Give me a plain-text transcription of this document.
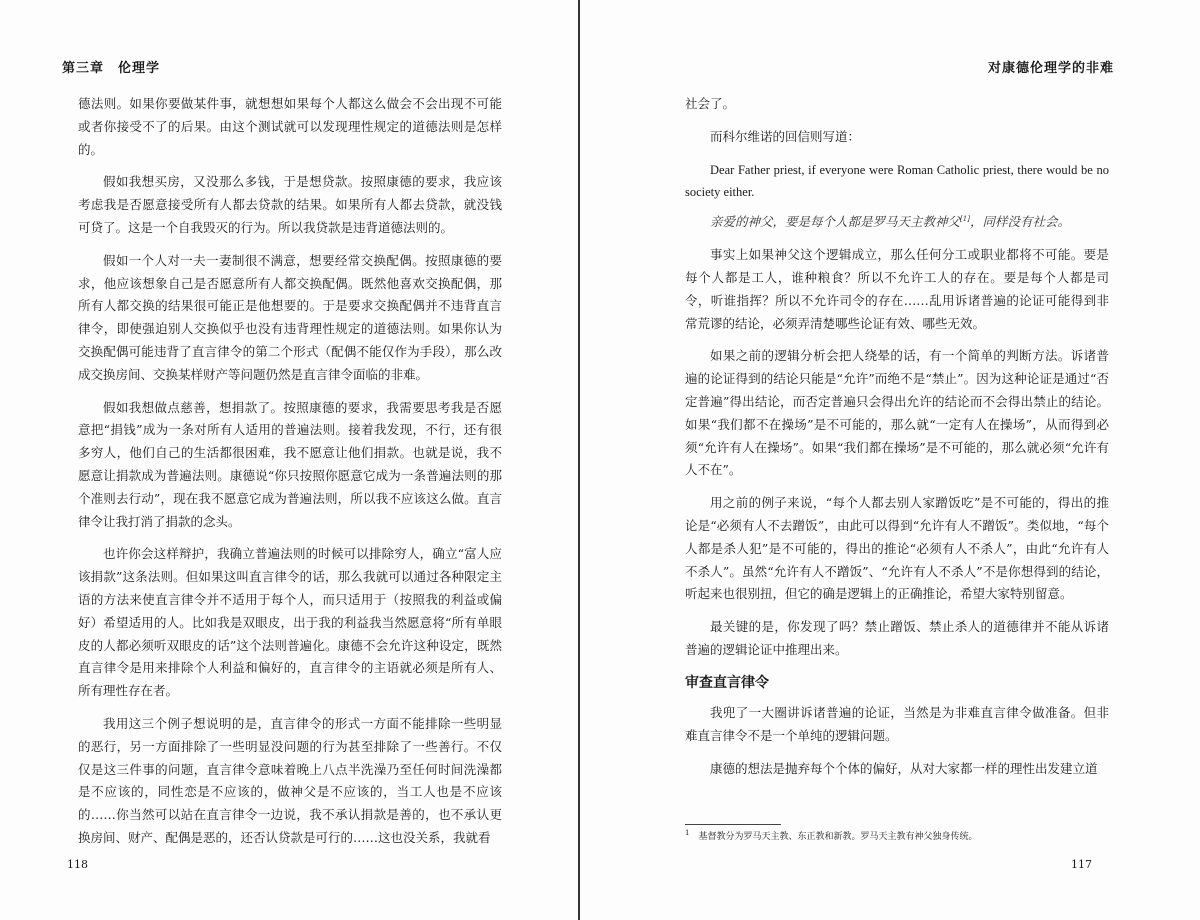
第三章　伦理学

德法则。如果你要做某件事，就想想如果每个人都这么做会不会出现不可能或者你接受不了的后果。由这个测试就可以发现理性规定的道德法则是怎样的。

假如我想买房，又没那么多钱，于是想贷款。按照康德的要求，我应该考虑我是否愿意接受所有人都去贷款的结果。如果所有人都去贷款，就没钱可贷了。这是一个自我毁灭的行为。所以我贷款是违背道德法则的。

假如一个人对一夫一妻制很不满意，想要经常交换配偶。按照康德的要求，他应该想象自己是否愿意所有人都交换配偶。既然他喜欢交换配偶，那所有人都交换的结果很可能正是他想要的。于是要求交换配偶并不违背直言律令，即使强迫别人交换似乎也没有违背理性规定的道德法则。如果你认为交换配偶可能违背了直言律令的第二个形式（配偶不能仅作为手段），那么改成交换房间、交换某样财产等问题仍然是直言律令面临的非难。

假如我想做点慈善，想捐款了。按照康德的要求，我需要思考我是否愿意把“捐钱”成为一条对所有人适用的普遍法则。接着我发现，不行，还有很多穷人，他们自己的生活都很困难，我不愿意让他们捐款。也就是说，我不愿意让捐款成为普遍法则。康德说“你只按照你愿意它成为一条普遍法则的那个准则去行动”，现在我不愿意它成为普遍法则，所以我不应该这么做。直言律令让我打消了捐款的念头。

也许你会这样辩护，我确立普遍法则的时候可以排除穷人，确立“富人应该捐款”这条法则。但如果这叫直言律令的话，那么我就可以通过各种限定主语的方法来使直言律令并不适用于每个人，而只适用于（按照我的利益或偏好）希望适用的人。比如我是双眼皮，出于我的利益我当然愿意将“所有单眼皮的人都必须听双眼皮的话”这个法则普遍化。康德不会允许这种设定，既然直言律令是用来排除个人利益和偏好的，直言律令的主语就必须是所有人、所有理性存在者。

我用这三个例子想说明的是，直言律令的形式一方面不能排除一些明显的恶行，另一方面排除了一些明显没问题的行为甚至排除了一些善行。不仅仅是这三件事的问题，直言律令意味着晚上八点半洗澡乃至任何时间洗澡都是不应该的，同性恋是不应该的，做神父是不应该的，当工人也是不应该的……你当然可以站在直言律令一边说，我不承认捐款是善的，也不承认更换房间、财产、配偶是恶的，还否认贷款是可行的……这也没关系，我就看

118
对康德伦理学的非难

社会了。

而科尔维诺的回信则写道：

Dear Father priest, if everyone were Roman Catholic priest, there would be no society either.

亲爱的神父，要是每个人都是罗马天主教神父[1]，同样没有社会。

事实上如果神父这个逻辑成立，那么任何分工或职业都将不可能。要是每个人都是工人，谁种粮食？所以不允许工人的存在。要是每个人都是司令，听谁指挥？所以不允许司令的存在……乱用诉诸普遍的论证可能得到非常荒谬的结论，必须弄清楚哪些论证有效、哪些无效。

如果之前的逻辑分析会把人绕晕的话，有一个简单的判断方法。诉诸普遍的论证得到的结论只能是“允许”而绝不是“禁止”。因为这种论证是通过“否定普遍”得出结论，而否定普遍只会得出允许的结论而不会得出禁止的结论。如果“我们都不在操场”是不可能的，那么就“一定有人在操场”，从而得到必须“允许有人在操场”。如果“我们都在操场”是不可能的，那么就必须“允许有人不在”。

用之前的例子来说，“每个人都去别人家蹭饭吃”是不可能的，得出的推论是“必须有人不去蹭饭”，由此可以得到“允许有人不蹭饭”。类似地，“每个人都是杀人犯”是不可能的，得出的推论“必须有人不杀人”，由此“允许有人不杀人”。虽然“允许有人不蹭饭”、“允许有人不杀人”不是你想得到的结论，听起来也很别扭，但它的确是逻辑上的正确推论，希望大家特别留意。

最关键的是，你发现了吗？禁止蹭饭、禁止杀人的道德律并不能从诉诸普遍的逻辑论证中推理出来。

审查直言律令

我兜了一大圈讲诉诸普遍的论证，当然是为非难直言律令做准备。但非难直言律令不是一个单纯的逻辑问题。

康德的想法是抛弃每个个体的偏好，从对大家都一样的理性出发建立道

$^1$　 基督教分为罗马天主教、东正教和新教。罗马天主教有神父独身传统。
117
